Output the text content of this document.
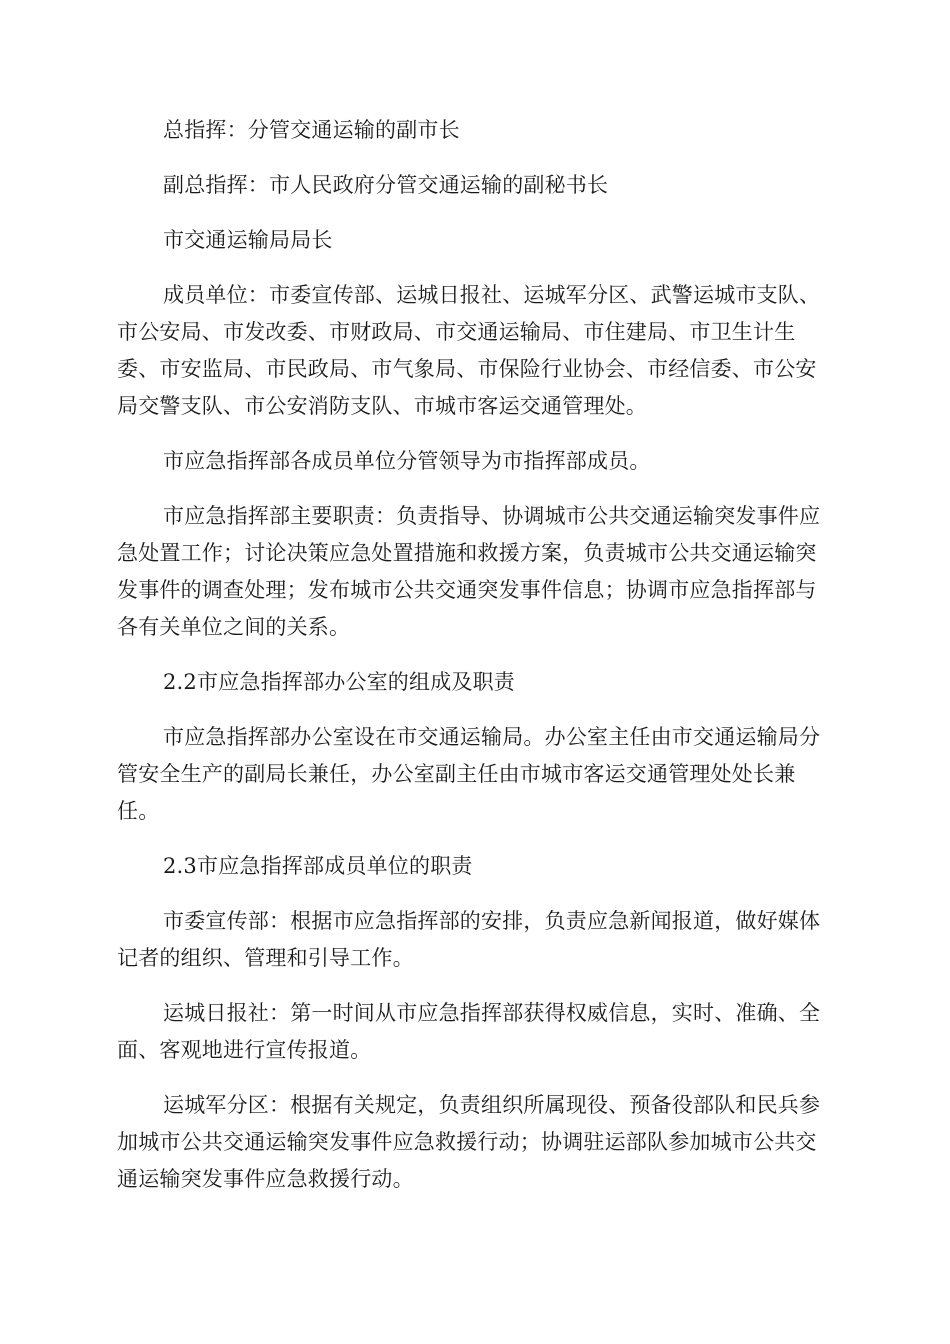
总指挥：分管交通运输的副市长

副总指挥：市人民政府分管交通运输的副秘书长

市交通运输局局长

成员单位：市委宣传部、运城日报社、运城军分区、武警运城市支队、市公安局、市发改委、市财政局、市交通运输局、市住建局、市卫生计生委、市安监局、市民政局、市气象局、市保险行业协会、市经信委、市公安局交警支队、市公安消防支队、市城市客运交通管理处。

市应急指挥部各成员单位分管领导为市指挥部成员。

市应急指挥部主要职责：负责指导、协调城市公共交通运输突发事件应急处置工作；讨论决策应急处置措施和救援方案，负责城市公共交通运输突发事件的调查处理；发布城市公共交通突发事件信息；协调市应急指挥部与各有关单位之间的关系。

2.2市应急指挥部办公室的组成及职责

市应急指挥部办公室设在市交通运输局。办公室主任由市交通运输局分管安全生产的副局长兼任，办公室副主任由市城市客运交通管理处处长兼任。

2.3市应急指挥部成员单位的职责

市委宣传部：根据市应急指挥部的安排，负责应急新闻报道，做好媒体记者的组织、管理和引导工作。

运城日报社：第一时间从市应急指挥部获得权威信息，实时、准确、全面、客观地进行宣传报道。

运城军分区：根据有关规定，负责组织所属现役、预备役部队和民兵参加城市公共交通运输突发事件应急救援行动；协调驻运部队参加城市公共交通运输突发事件应急救援行动。
